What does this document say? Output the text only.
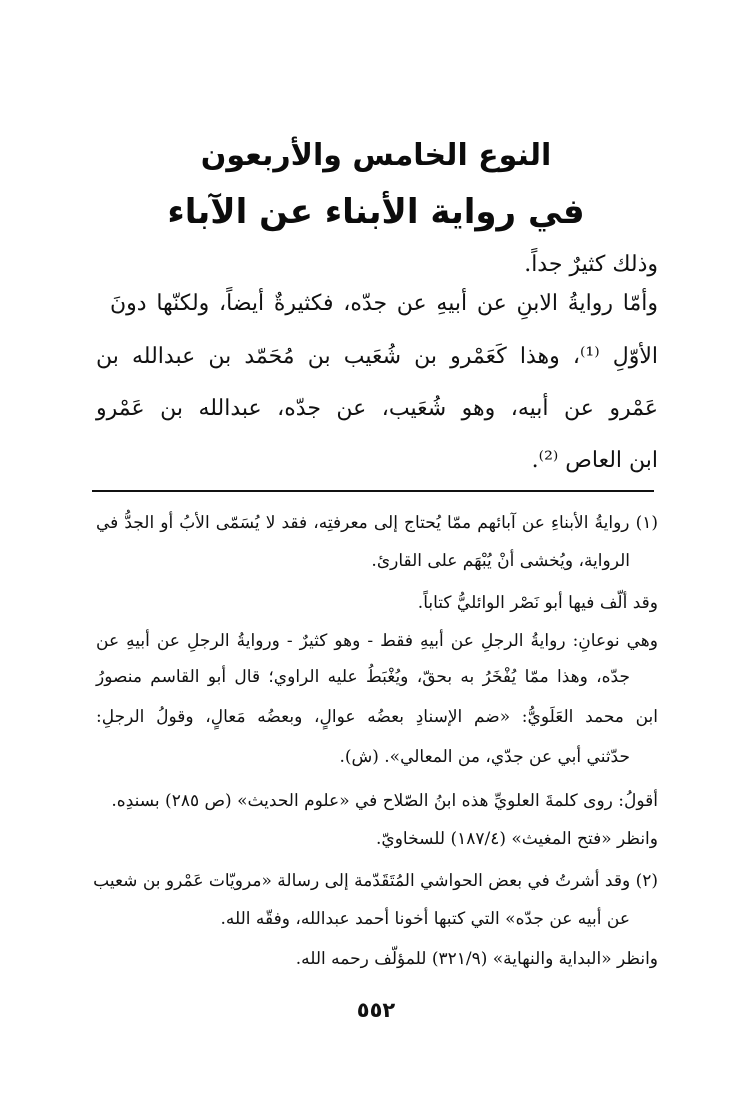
النوع الخامس والأربعون
في رواية الأبناء عن الآباء
وذلك كثيرٌ جداً.
وأمّا روايةُ الابنِ عن أبيهِ عن جدّه، فكثيرةٌ أيضاً، ولكنّها دونَ
الأوّلِ ⁽¹⁾، وهذا كَعَمْرو بن شُعَيب بن مُحَمّد بن عبدالله بن
عَمْرو عن أبيه، وهو شُعَيب، عن جدّه، عبدالله بن عَمْرو
ابن العاص ⁽²⁾.
(١) روايةُ الأبناءِ عن آبائهم ممّا يُحتاج إلى معرفتِه، فقد لا يُسَمّى الأبُ أو الجدُّ في
الرواية، ويُخشى أنْ يُبْهَم على القارئ.
وقد ألّف فيها أبو نَصْر الوائليُّ كتاباً.
وهي نوعانِ: روايةُ الرجلِ عن أبيهِ فقط - وهو كثيرٌ - وروايةُ الرجلِ عن أبيهِ عن
جدّه، وهذا ممّا يُفْخَرُ به بحقّ، ويُغْبَطُ عليه الراوي؛ قال أبو القاسم منصورُ
ابن محمد العَلَويُّ: «ضم الإسنادِ بعضُه عوالٍ، وبعضُه مَعالٍ، وقولُ الرجلِ:
حدّثني أبي عن جدّي، من المعالي». (ش).
أقولُ: روى كلمةَ العلويِّ هذه ابنُ الصّلاح في «علوم الحديث» (ص ٢٨٥) بسندِه.
وانظر «فتح المغيث» (١٨٧/٤) للسخاويّ.
(٢) وقد أشرتُ في بعض الحواشي المُتَقَدّمة إلى رسالة «مرويّات عَمْرو بن شعيب
عن أبيه عن جدّه» التي كتبها أخونا أحمد عبدالله، وفقّه الله.
وانظر «البداية والنهاية» (٣٢١/٩) للمؤلّف رحمه الله.
٥٥٢
